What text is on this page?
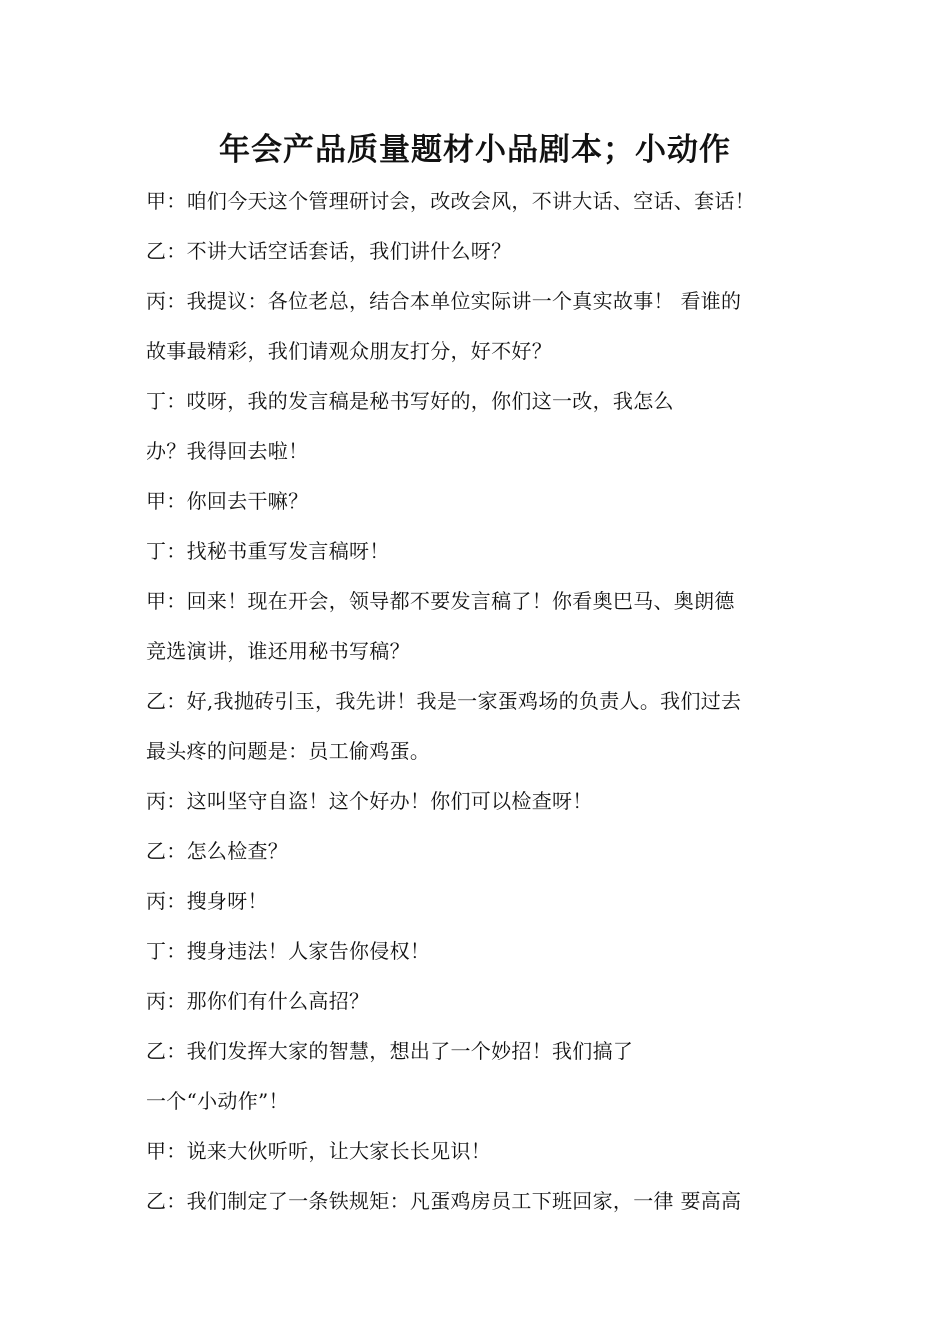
年会产品质量题材小品剧本；小动作
甲：咱们今天这个管理研讨会，改改会风，不讲大话、空话、套话！
乙：不讲大话空话套话，我们讲什么呀？
丙：我提议：各位老总，结合本单位实际讲一个真实故事！ 看谁的
故事最精彩，我们请观众朋友打分，好不好？
丁：哎呀，我的发言稿是秘书写好的，你们这一改，我怎么
办？我得回去啦！
甲：你回去干嘛？
丁：找秘书重写发言稿呀！
甲：回来！现在开会，领导都不要发言稿了！你看奥巴马、奥朗德
竞选演讲，谁还用秘书写稿？
乙：好,我抛砖引玉，我先讲！我是一家蛋鸡场的负责人。我们过去
最头疼的问题是：员工偷鸡蛋。
丙：这叫坚守自盗！这个好办！你们可以检查呀！
乙：怎么检查？
丙：搜身呀！
丁：搜身违法！人家告你侵权！
丙：那你们有什么高招？
乙：我们发挥大家的智慧，想出了一个妙招！我们搞了
一个“小动作”！
甲：说来大伙听听，让大家长长见识！
乙：我们制定了一条铁规矩：凡蛋鸡房员工下班回家，一律 要高高
